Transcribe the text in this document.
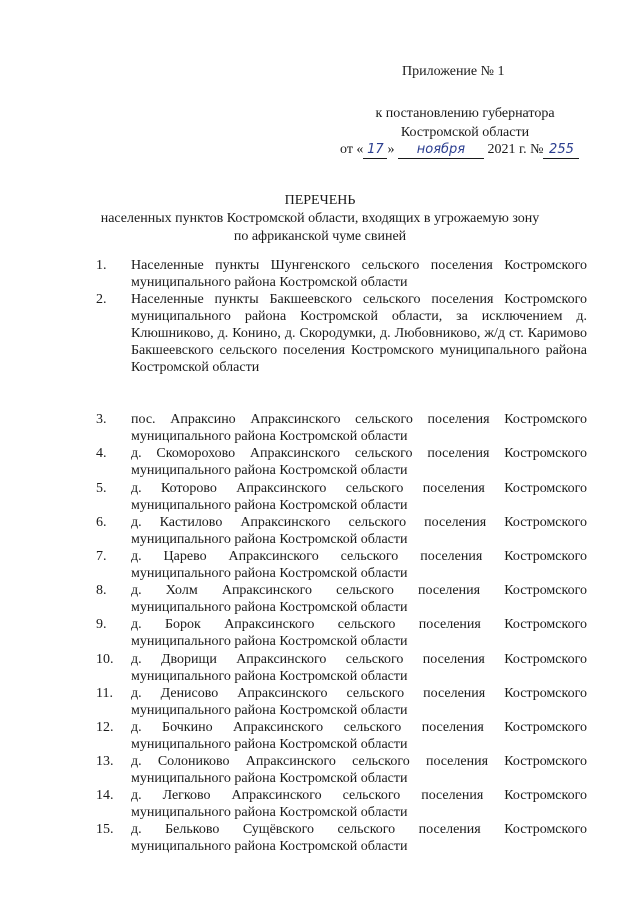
Приложение № 1
к постановлению губернатора
Костромской области
от « 17 » ноября 2021 г. № 255
ПЕРЕЧЕНЬ
населенных пунктов Костромской области, входящих в угрожаемую зону
по африканской чуме свиней
1. Населенные пункты Шунгенского сельского поселения Костромского муниципального района Костромской области
2. Населенные пункты Бакшеевского сельского поселения Костромского муниципального района Костромской области, за исключением д. Клюшниково, д. Конино, д. Скородумки, д. Любовниково, ж/д ст. Каримово Бакшеевского сельского поселения Костромского муниципального района Костромской области
3. пос. Апраксино Апраксинского сельского поселения Костромского муниципального района Костромской области
4. д. Скоморохово Апраксинского сельского поселения Костромского муниципального района Костромской области
5. д. Которово Апраксинского сельского поселения Костромского муниципального района Костромской области
6. д. Кастилово Апраксинского сельского поселения Костромского муниципального района Костромской области
7. д. Царево Апраксинского сельского поселения Костромского муниципального района Костромской области
8. д. Холм Апраксинского сельского поселения Костромского муниципального района Костромской области
9. д. Борок Апраксинского сельского поселения Костромского муниципального района Костромской области
10. д. Дворищи Апраксинского сельского поселения Костромского муниципального района Костромской области
11. д. Денисово Апраксинского сельского поселения Костромского муниципального района Костромской области
12. д. Бочкино Апраксинского сельского поселения Костромского муниципального района Костромской области
13. д. Солониково Апраксинского сельского поселения Костромского муниципального района Костромской области
14. д. Легково Апраксинского сельского поселения Костромского муниципального района Костромской области
15. д. Бельково Сущёвского сельского поселения Костромского муниципального района Костромской области
